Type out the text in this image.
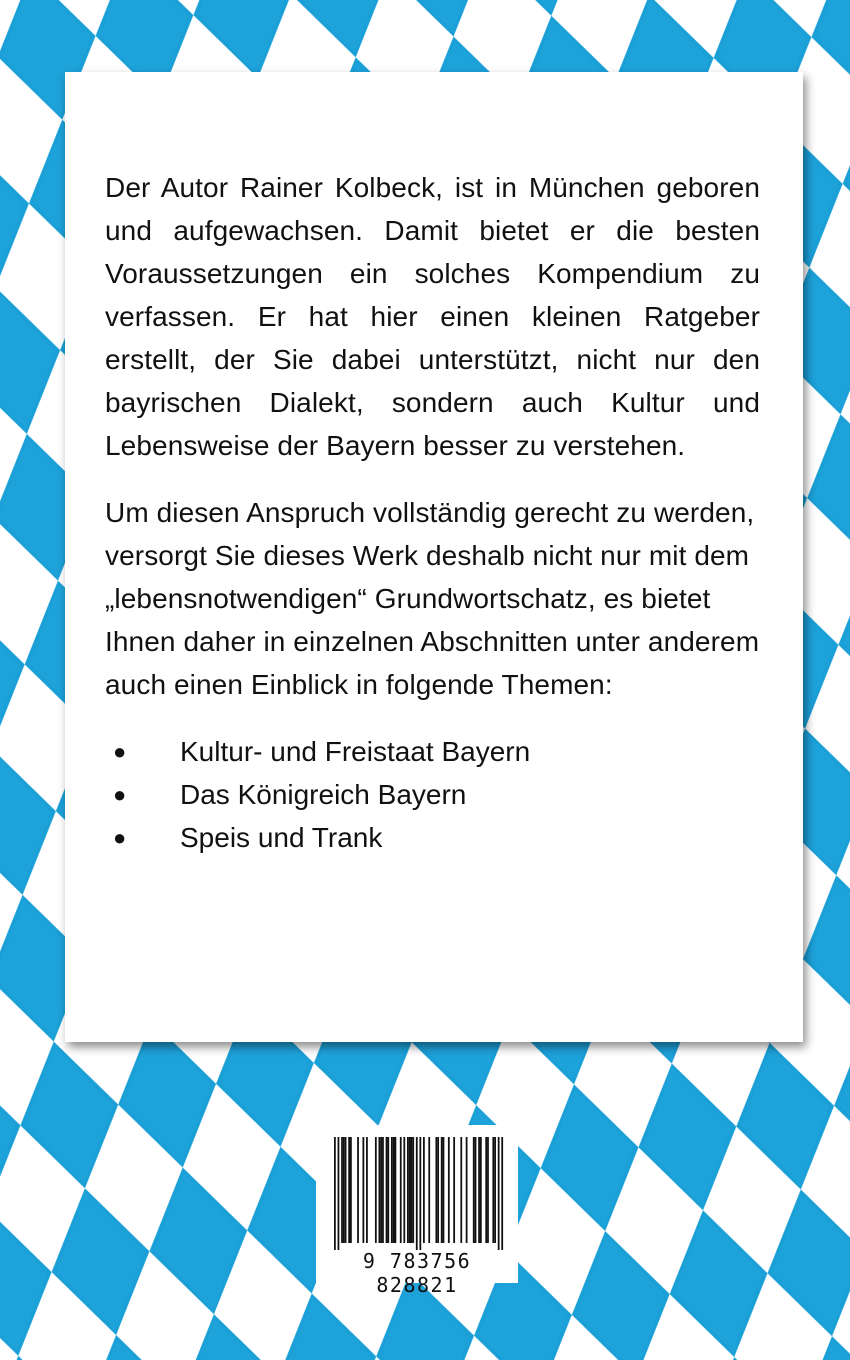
Der Autor Rainer Kolbeck, ist in München geboren und aufgewachsen. Damit bietet er die besten Voraussetzungen ein solches Kompendium zu verfassen. Er hat hier einen kleinen Ratgeber erstellt, der Sie dabei unterstützt, nicht nur den bayrischen Dialekt, sondern auch Kultur und Lebensweise der Bayern besser zu verstehen.

Um diesen Anspruch vollständig gerecht zu werden, versorgt Sie dieses Werk deshalb nicht nur mit dem „lebensnotwendigen“ Grundwortschatz, es bietet Ihnen daher in einzelnen Abschnitten unter anderem auch einen Einblick in folgende Themen:

●	Kultur- und Freistaat Bayern
●	Das Königreich Bayern
●	Speis und Trank
9 783756 828821
